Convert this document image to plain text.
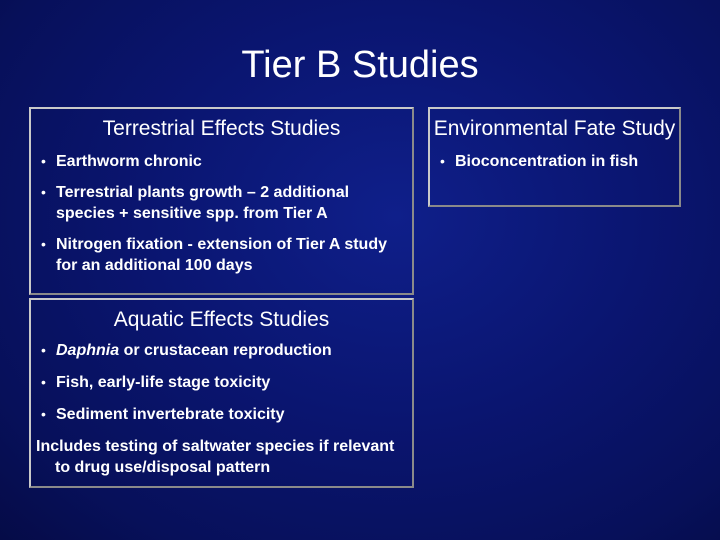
Tier B Studies
Terrestrial Effects Studies
• Earthworm chronic
• Terrestrial plants growth – 2 additional species + sensitive spp. from Tier A
• Nitrogen fixation - extension of Tier A study for an additional 100 days
Aquatic Effects Studies
• Daphnia or crustacean reproduction
• Fish, early-life stage toxicity
• Sediment invertebrate toxicity

Includes testing of saltwater species if relevant to drug use/disposal pattern

Environmental Fate Study
• Bioconcentration in fish
